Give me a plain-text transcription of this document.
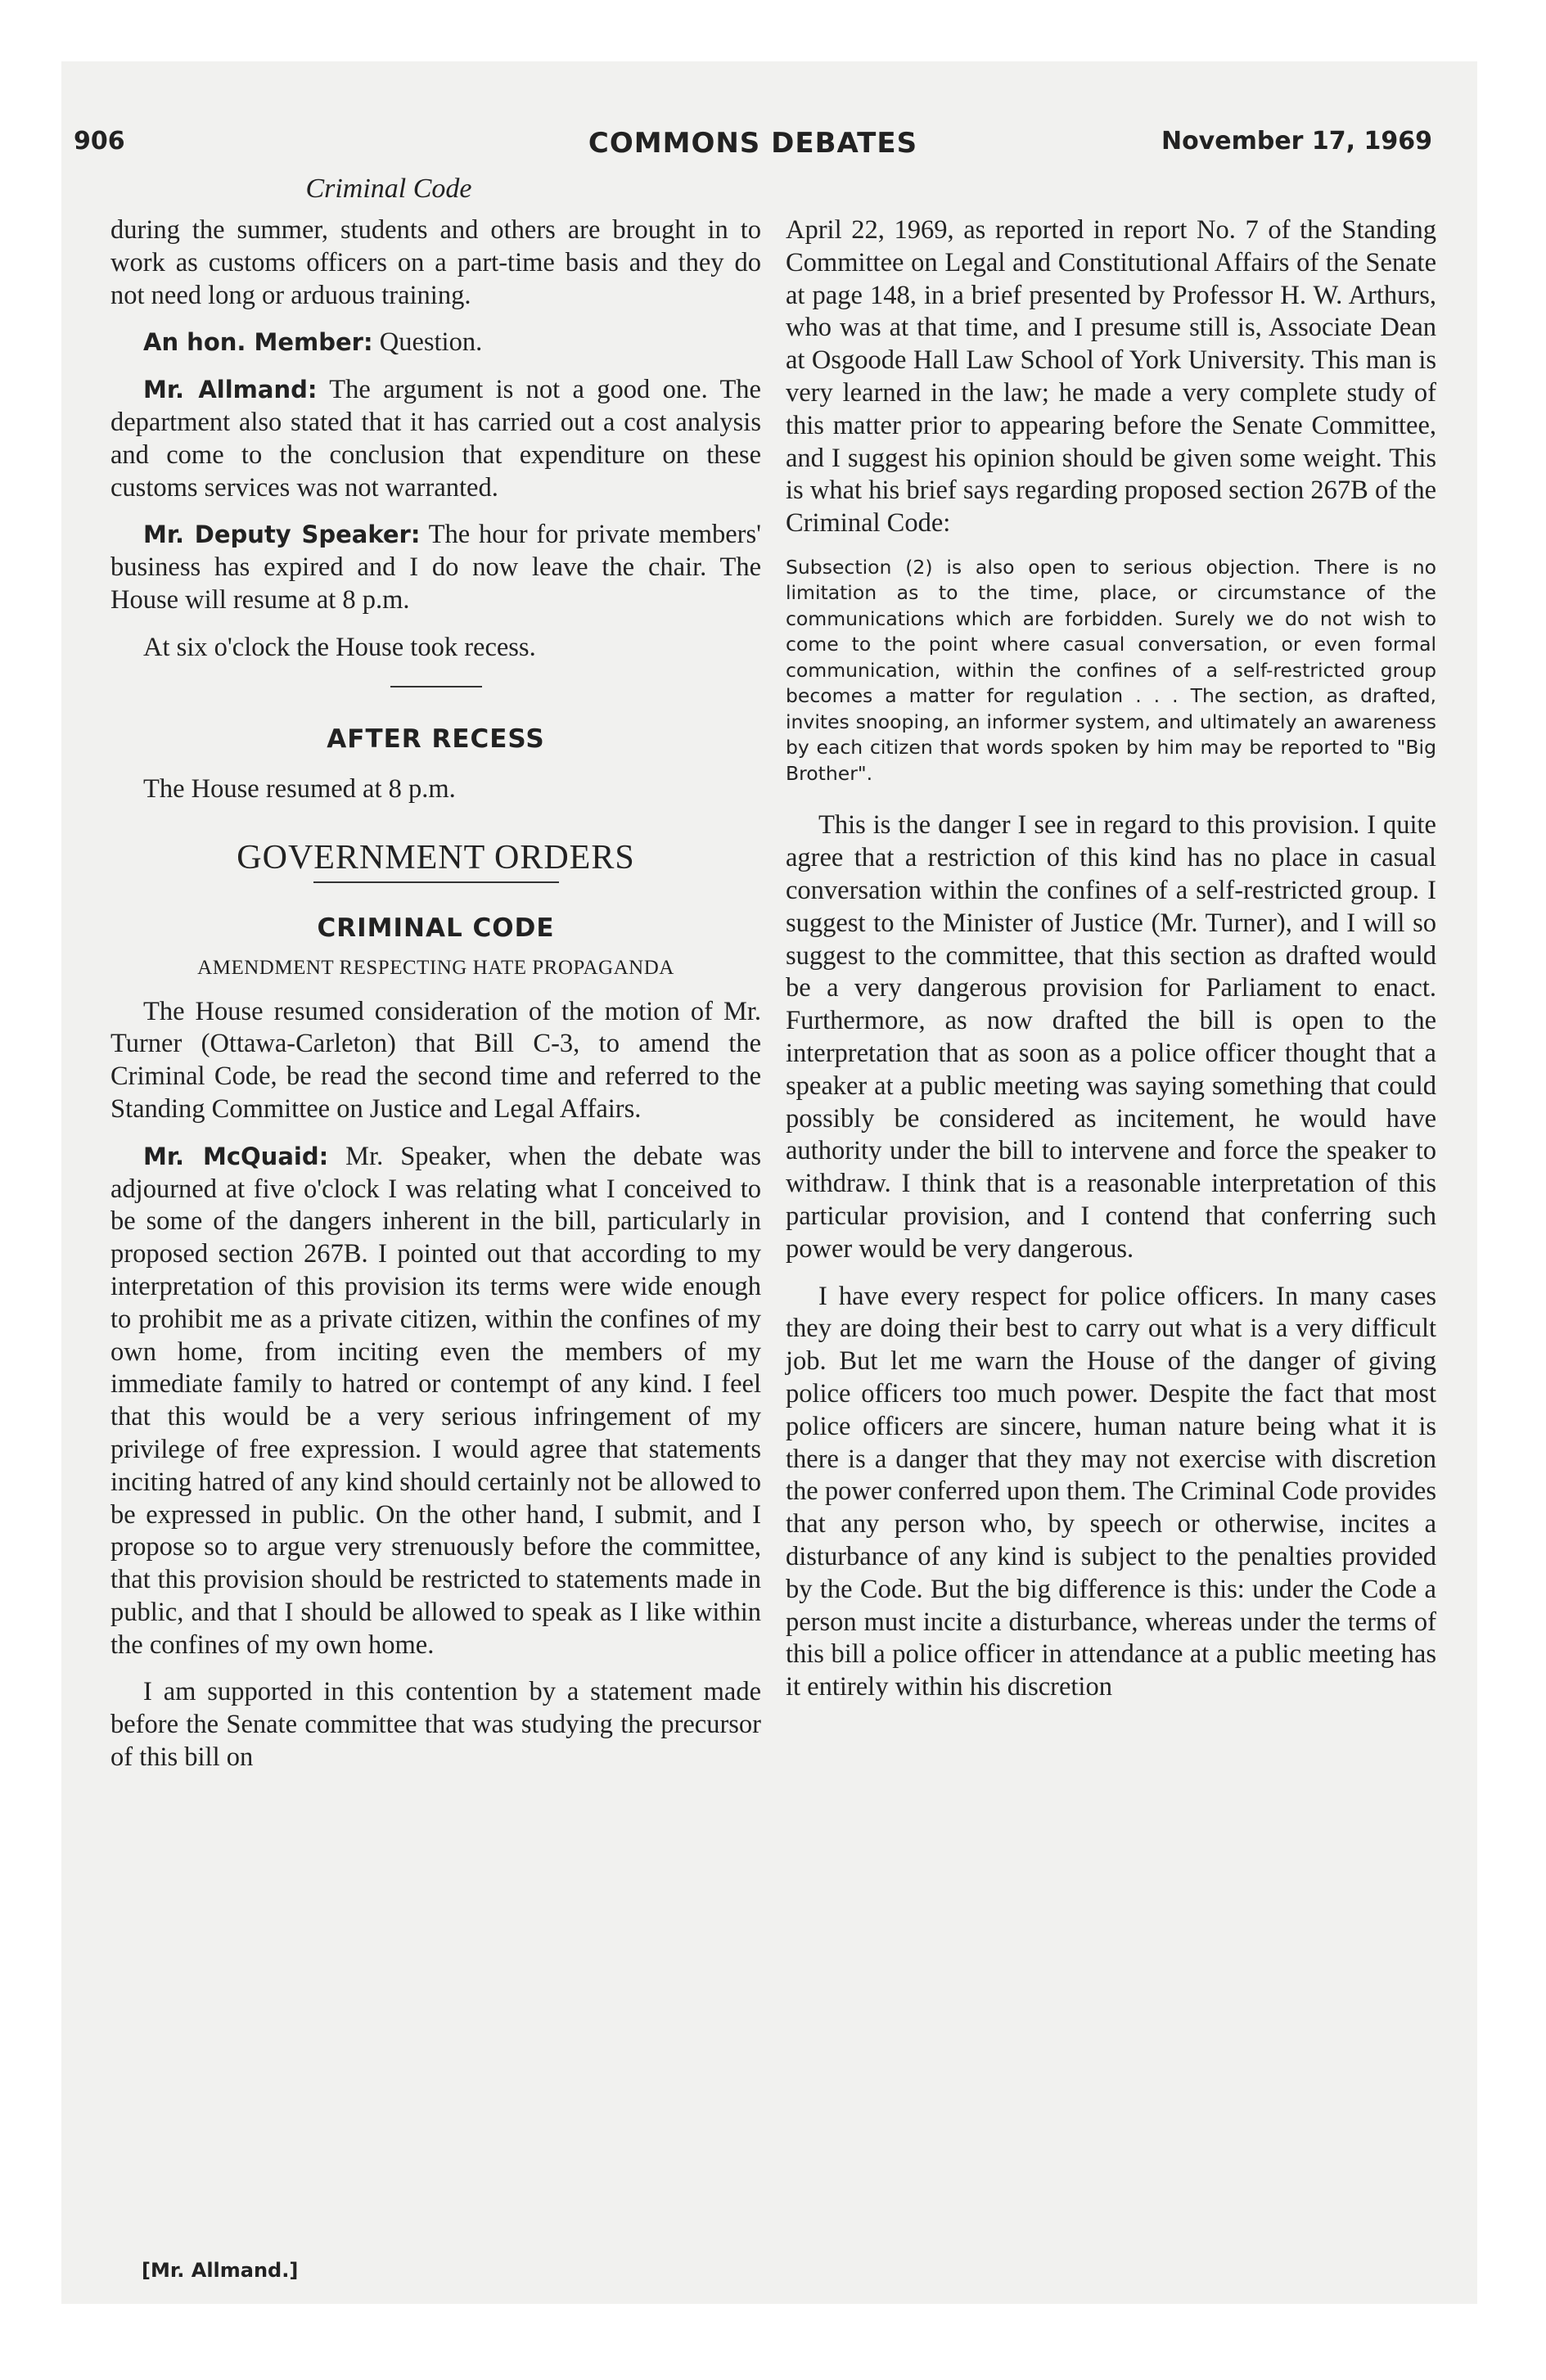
906	COMMONS DEBATES	November 17, 1969
Criminal Code

during the summer, students and others are brought in to work as customs officers on a part-time basis and they do not need long or arduous training.

An hon. Member: Question.

Mr. Allmand: The argument is not a good one. The department also stated that it has carried out a cost analysis and come to the conclusion that expenditure on these customs services was not warranted.

Mr. Deputy Speaker: The hour for private members' business has expired and I do now leave the chair. The House will resume at 8 p.m.

At six o'clock the House took recess.

AFTER RECESS

The House resumed at 8 p.m.

GOVERNMENT ORDERS
CRIMINAL CODE
AMENDMENT RESPECTING HATE PROPAGANDA

The House resumed consideration of the motion of Mr. Turner (Ottawa-Carleton) that Bill C-3, to amend the Criminal Code, be read the second time and referred to the Standing Committee on Justice and Legal Affairs.

Mr. McQuaid: Mr. Speaker, when the debate was adjourned at five o'clock I was relating what I conceived to be some of the dangers inherent in the bill, particularly in proposed section 267B. I pointed out that according to my interpretation of this provision its terms were wide enough to prohibit me as a private citizen, within the confines of my own home, from inciting even the members of my immediate family to hatred or contempt of any kind. I feel that this would be a very serious infringement of my privilege of free expression. I would agree that statements inciting hatred of any kind should certainly not be allowed to be expressed in public. On the other hand, I submit, and I propose so to argue very strenuously before the committee, that this provision should be restricted to statements made in public, and that I should be allowed to speak as I like within the confines of my own home.

I am supported in this contention by a statement made before the Senate committee that was studying the precursor of this bill on

April 22, 1969, as reported in report No. 7 of the Standing Committee on Legal and Constitutional Affairs of the Senate at page 148, in a brief presented by Professor H. W. Arthurs, who was at that time, and I presume still is, Associate Dean at Osgoode Hall Law School of York University. This man is very learned in the law; he made a very complete study of this matter prior to appearing before the Senate Committee, and I suggest his opinion should be given some weight. This is what his brief says regarding proposed section 267B of the Criminal Code:

Subsection (2) is also open to serious objection. There is no limitation as to the time, place, or circumstance of the communications which are forbidden. Surely we do not wish to come to the point where casual conversation, or even formal communication, within the confines of a self-restricted group becomes a matter for regulation . . . The section, as drafted, invites snooping, an informer system, and ultimately an awareness by each citizen that words spoken by him may be reported to "Big Brother".

This is the danger I see in regard to this provision. I quite agree that a restriction of this kind has no place in casual conversation within the confines of a self-restricted group. I suggest to the Minister of Justice (Mr. Turner), and I will so suggest to the committee, that this section as drafted would be a very dangerous provision for Parliament to enact. Furthermore, as now drafted the bill is open to the interpretation that as soon as a police officer thought that a speaker at a public meeting was saying something that could possibly be considered as incitement, he would have authority under the bill to intervene and force the speaker to withdraw. I think that is a reasonable interpretation of this particular provision, and I contend that conferring such power would be very dangerous.

I have every respect for police officers. In many cases they are doing their best to carry out what is a very difficult job. But let me warn the House of the danger of giving police officers too much power. Despite the fact that most police officers are sincere, human nature being what it is there is a danger that they may not exercise with discretion the power conferred upon them. The Criminal Code provides that any person who, by speech or otherwise, incites a disturbance of any kind is subject to the penalties provided by the Code. But the big difference is this: under the Code a person must incite a disturbance, whereas under the terms of this bill a police officer in attendance at a public meeting has it entirely within his discretion

[Mr. Allmand.]
